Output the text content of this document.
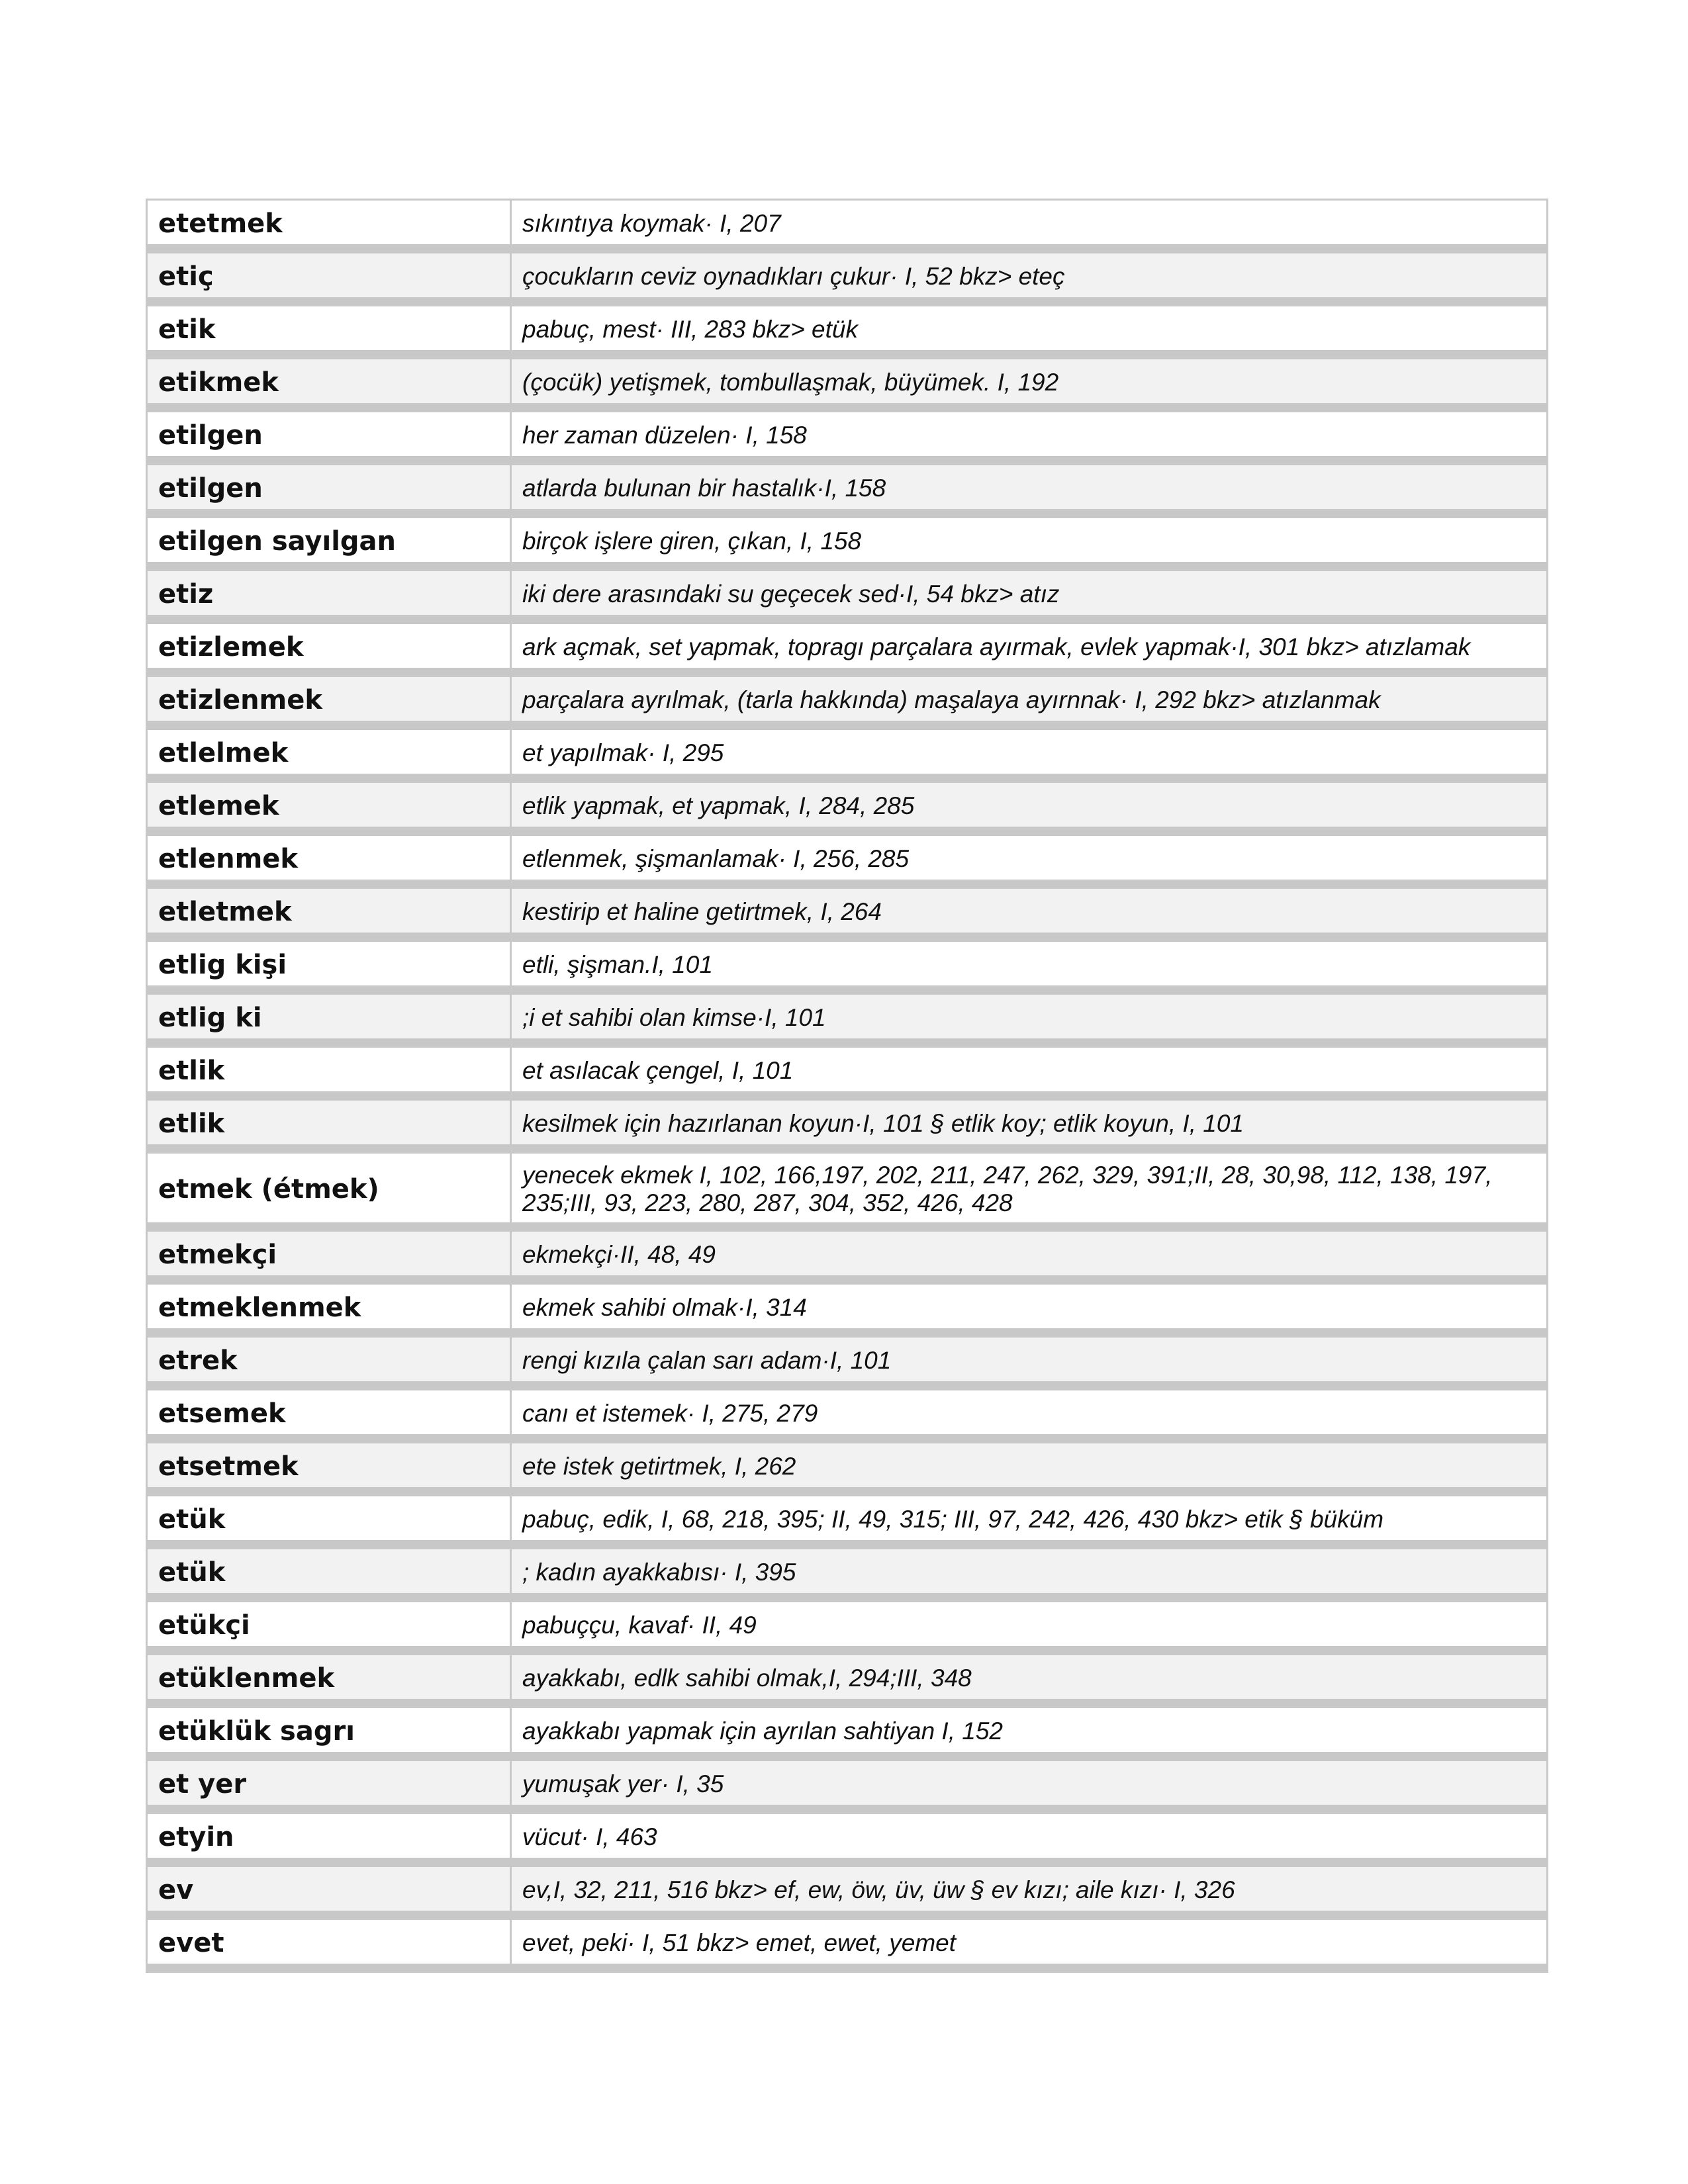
etetmek	sıkıntıya koymak· I, 207
etiç	çocukların ceviz oynadıkları çukur· I, 52 bkz> eteç
etik	pabuç, mest· III, 283 bkz> etük
etikmek	(çocük) yetişmek, tombullaşmak, büyümek. I, 192
etilgen	her zaman düzelen· I, 158
etilgen	atlarda bulunan bir hastalık·I, 158
etilgen sayılgan	birçok işlere giren, çıkan, I, 158
etiz	iki dere arasındaki su geçecek sed·I, 54 bkz> atız
etizlemek	ark açmak, set yapmak, topragı parçalara ayırmak, evlek yapmak·I, 301 bkz> atızlamak
etizlenmek	parçalara ayrılmak, (tarla hakkında) maşalaya ayırnnak· I, 292 bkz> atızlanmak
etlelmek	et yapılmak· I, 295
etlemek	etlik yapmak, et yapmak, I, 284, 285
etlenmek	etlenmek, şişmanlamak· I, 256, 285
etletmek	kestirip et haline getirtmek, I, 264
etlig kişi	etli, şişman.I, 101
etlig ki	;i et sahibi olan kimse·I, 101
etlik	et asılacak çengel, I, 101
etlik	kesilmek için hazırlanan koyun·I, 101 § etlik koy; etlik koyun, I, 101
etmek (étmek)	yenecek ekmek I, 102, 166,197, 202, 211, 247, 262, 329, 391;II, 28, 30,98, 112, 138, 197, 235;III, 93, 223, 280, 287, 304, 352, 426, 428
etmekçi	ekmekçi·II, 48, 49
etmeklenmek	ekmek sahibi olmak·I, 314
etrek	rengi kızıla çalan sarı adam·I, 101
etsemek	canı et istemek· I, 275, 279
etsetmek	ete istek getirtmek, I, 262
etük	pabuç, edik, I, 68, 218, 395; II, 49, 315; III, 97, 242, 426, 430 bkz> etik § büküm
etük	; kadın ayakkabısı· I, 395
etükçi	pabuççu, kavaf· II, 49
etüklenmek	ayakkabı, edlk sahibi olmak,I, 294;III, 348
etüklük sagrı	ayakkabı yapmak için ayrılan sahtiyan I, 152
et yer	yumuşak yer· I, 35
etyin	vücut· I, 463
ev	ev,I, 32, 211, 516 bkz> ef, ew, öw, üv, üw § ev kızı; aile kızı· I, 326
evet	evet, peki· I, 51 bkz> emet, ewet, yemet
